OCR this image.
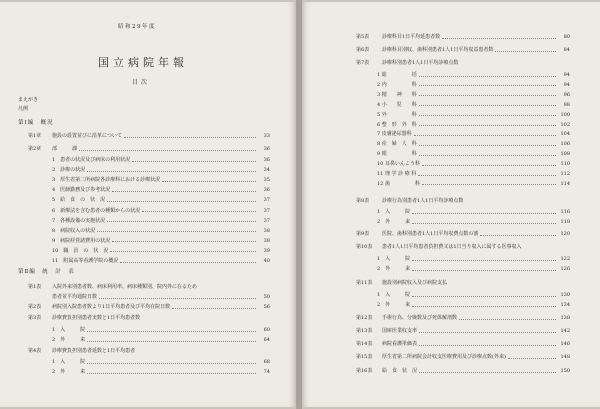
昭和29年度
国立病院年報
目次
まえがき
凡例
第Ⅰ編　概況
第1章 施設の設置並びに沿革について	33
第2章 部　　　課	36
1　患者の状況及び病床の利用状況	36
2　診療の状況	34
3　厚生省第二所病院各診療科における診療状況	35
4　医師勤務及び参考状況	36
5　給　食　の　状　況	37
6　新療法を含む患者の種類からの状況	37
7　各種設備の実施状況	37
8　病院収入の状況	38
9　病院経営諸費用の状況	38
10　職　員　の　状　況	39
11　附属高等看護学院の概況	40
第Ⅱ編　統　計　表
第1表 入院外来別患者数、病床利用率、病床種類別、院内外に在るため
患者並平均通院日数	50
第2表 病院別入院患者数より1日平均患者及び平均在院日数	56
第3表 診療費負担別患者実数と1日平均患者数
1　入　　　院	60
2　外　　　来	64
第4表 診療費負担別患者延数と1日平均患者
1　入　　　院	68
2　外　　　来	74
第5表	診療科目1日平均延患者数	80
第6表	診療科目別収、歯科別患者1人1日平均収益患者数	84
第7表	診療科別患者1人1日平均診療点数
1 総　　　　　括	94
2 内　　　　　科	94
3 精　　神　　科	96
4 小　　児　　科	98
5 外　　　　　科	100
6 整　形　外　科	102
7 皮膚泌尿器科	104
8 産　婦　人　科	106
9 眼　　　　　科	108
10 耳鼻いんこう科	110
11 理 学 診 療 科	112
12 歯　　　　　科	114
第8表	診療行為別患者1人1日平均診療点数
1　入　　　院	116
2　外　　　来	118
第9表	医院、歯科別患者1人1日平均収費点数の割	120
第10表 患者1人1日平均患者負担費又は1日当り収入に属する医事収入
1　入　　　院	122
2　外　　　来	126
第11表 施設別病院収入及び病院支払
1　入　　　院	130
2　外　　　来	134
第12表 手術行為、分娩数及び死体解剖数	138
第13表 国庫医業収支率	142
第14表 病院看護単価表	146
第15表 厚生省第二所病院会計収支医療費用及び診療点数(外来)	148
第16表 給　食　状　況	150
